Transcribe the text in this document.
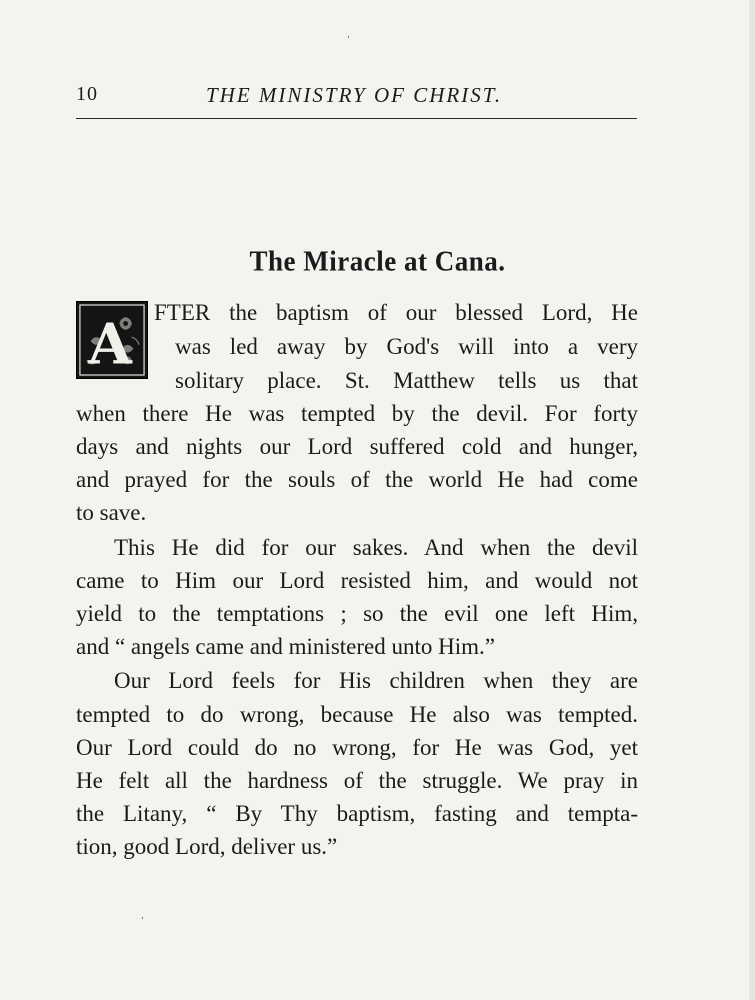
10	THE MINISTRY OF CHRIST.
The Miracle at Cana.
A FTER the baptism of our blessed Lord, He
was led away by God's will into a very
solitary place. St. Matthew tells us that
when there He was tempted by the devil. For forty
days and nights our Lord suffered cold and hunger,
and prayed for the souls of the world He had come
to save.
This He did for our sakes. And when the devil
came to Him our Lord resisted him, and would not
yield to the temptations ; so the evil one left Him,
and “ angels came and ministered unto Him.”
Our Lord feels for His children when they are
tempted to do wrong, because He also was tempted.
Our Lord could do no wrong, for He was God, yet
He felt all the hardness of the struggle. We pray in
the Litany, “ By Thy baptism, fasting and tempta-
tion, good Lord, deliver us.”
ˌ
ˌ
